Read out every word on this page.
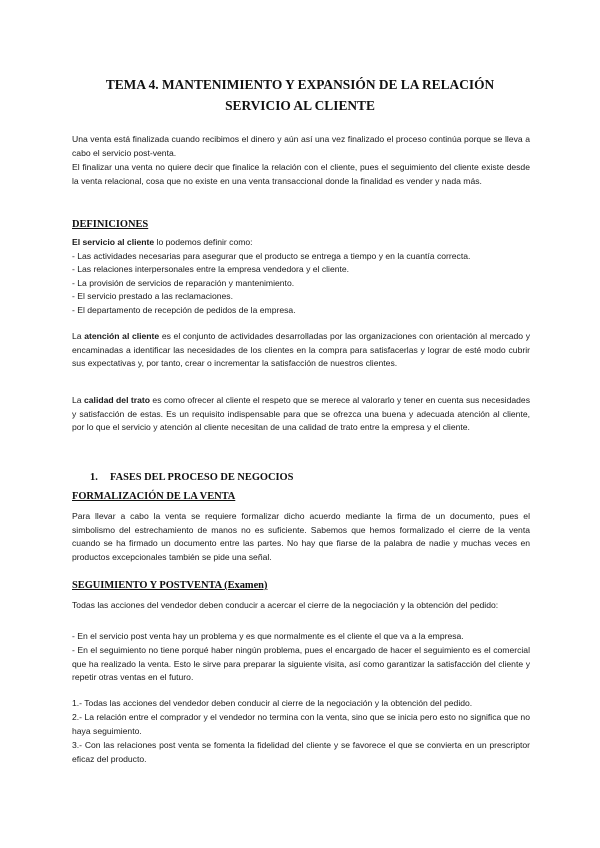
TEMA 4. MANTENIMIENTO Y EXPANSIÓN DE LA RELACIÓN
SERVICIO AL CLIENTE
Una venta está finalizada cuando recibimos el dinero y aún así una vez finalizado el proceso continúa porque se lleva a cabo el servicio post-venta.
El finalizar una venta no quiere decir que finalice la relación con el cliente, pues el seguimiento del cliente existe desde la venta relacional, cosa que no existe en una venta transaccional donde la finalidad es vender y nada más.
DEFINICIONES
El servicio al cliente lo podemos definir como:
- Las actividades necesarias para asegurar que el producto se entrega a tiempo y en la cuantía correcta.
- Las relaciones interpersonales entre la empresa vendedora y el cliente.
- La provisión de servicios de reparación y mantenimiento.
- El servicio prestado a las reclamaciones.
- El departamento de recepción de pedidos de la empresa.
La atención al cliente es el conjunto de actividades desarrolladas por las organizaciones con orientación al mercado y encaminadas a identificar las necesidades de los clientes en la compra para satisfacerlas y lograr de esté modo cubrir sus expectativas y, por tanto, crear o incrementar la satisfacción de nuestros clientes.
La calidad del trato es como ofrecer al cliente el respeto que se merece al valorarlo y tener en cuenta sus necesidades y satisfacción de estas. Es un requisito indispensable para que se ofrezca una buena y adecuada atención al cliente, por lo que el servicio y atención al cliente necesitan de una calidad de trato entre la empresa y el cliente.
1. FASES DEL PROCESO DE NEGOCIOS
FORMALIZACIÓN DE LA VENTA
Para llevar a cabo la venta se requiere formalizar dicho acuerdo mediante la firma de un documento, pues el simbolismo del estrechamiento de manos no es suficiente. Sabemos que hemos formalizado el cierre de la venta cuando se ha firmado un documento entre las partes. No hay que fiarse de la palabra de nadie y muchas veces en productos excepcionales también se pide una señal.
SEGUIMIENTO Y POSTVENTA (Examen)
Todas las acciones del vendedor deben conducir a acercar el cierre de la negociación y la obtención del pedido:
- En el servicio post venta hay un problema y es que normalmente es el cliente el que va a la empresa.
- En el seguimiento no tiene porqué haber ningún problema, pues el encargado de hacer el seguimiento es el comercial que ha realizado la venta. Esto le sirve para preparar la siguiente visita, así como garantizar la satisfacción del cliente y repetir otras ventas en el futuro.
1.- Todas las acciones del vendedor deben conducir al cierre de la negociación y la obtención del pedido.
2.- La relación entre el comprador y el vendedor no termina con la venta, sino que se inicia pero esto no significa que no haya seguimiento.
3.- Con las relaciones post venta se fomenta la fidelidad del cliente y se favorece el que se convierta en un prescriptor eficaz del producto.
